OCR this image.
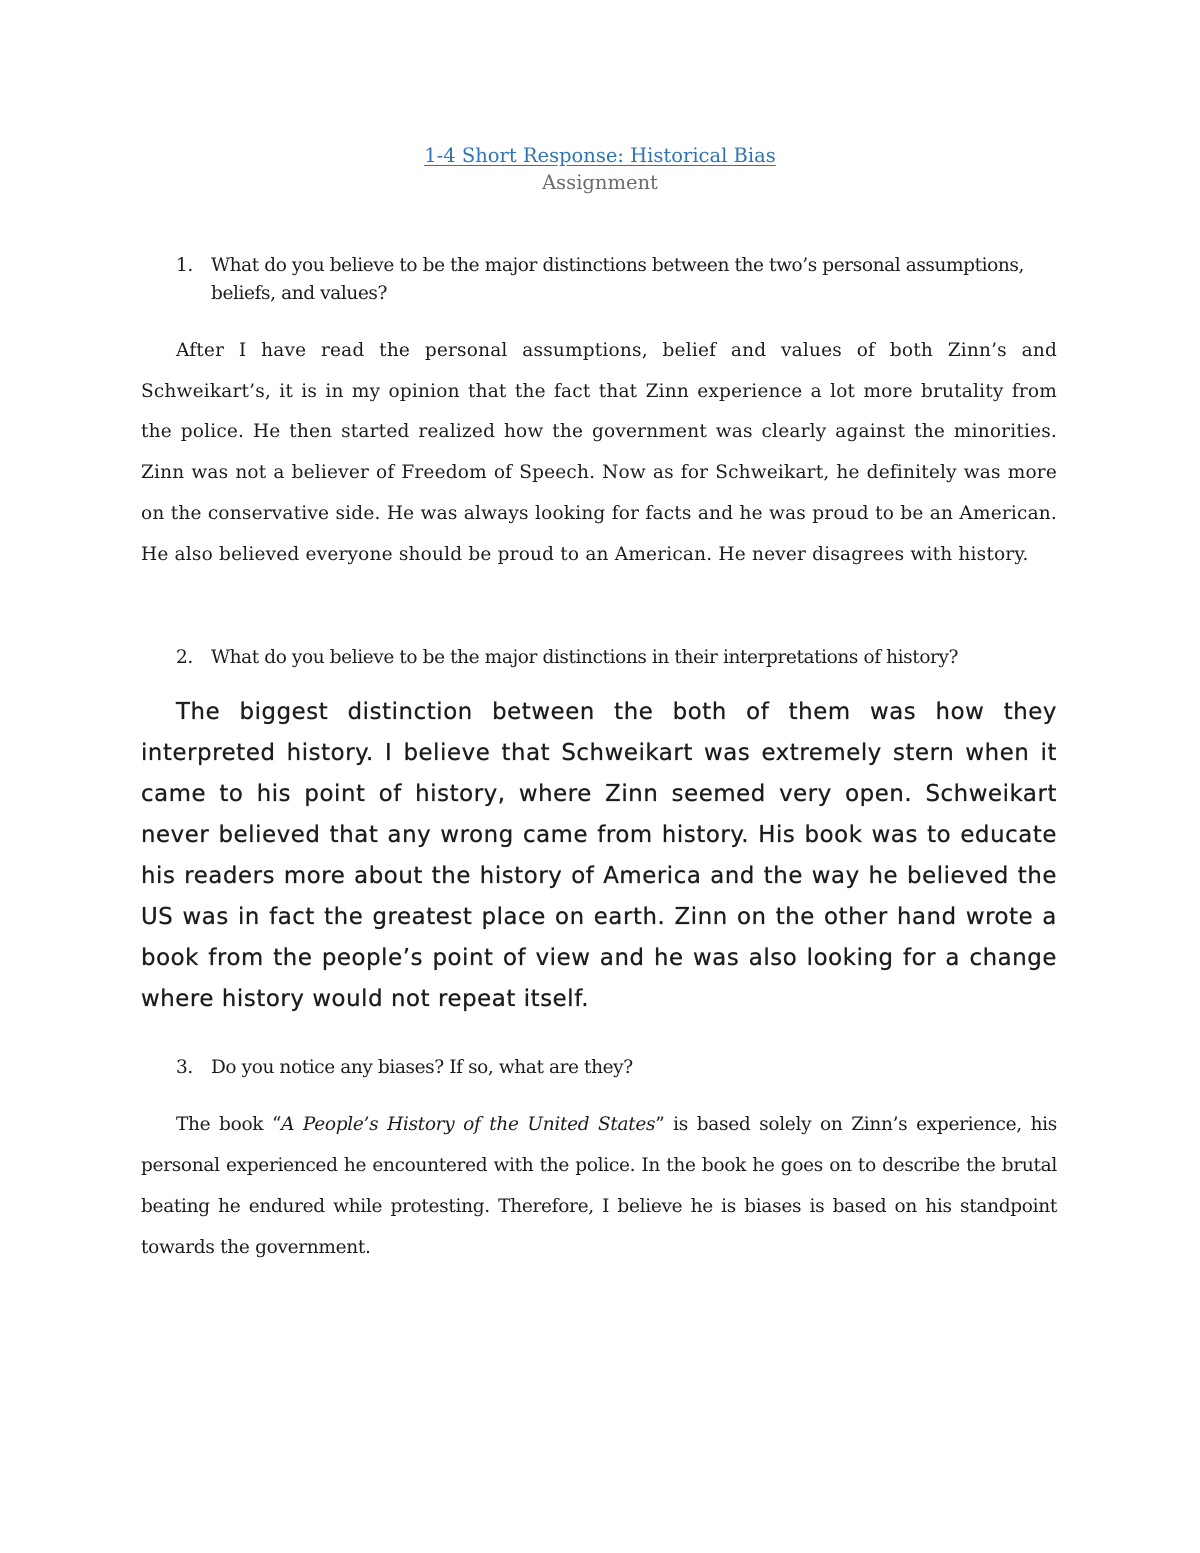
1-4 Short Response: Historical Bias
Assignment
1. What do you believe to be the major distinctions between the two’s personal assumptions, beliefs, and values?

After I have read the personal assumptions, belief and values of both Zinn’s and Schweikart’s, it is in my opinion that the fact that Zinn experience a lot more brutality from the police. He then started realized how the government was clearly against the minorities. Zinn was not a believer of Freedom of Speech. Now as for Schweikart, he definitely was more on the conservative side. He was always looking for facts and he was proud to be an American. He also believed everyone should be proud to an American. He never disagrees with history.

2. What do you believe to be the major distinctions in their interpretations of history?

The biggest distinction between the both of them was how they interpreted history. I believe that Schweikart was extremely stern when it came to his point of history, where Zinn seemed very open. Schweikart never believed that any wrong came from history. His book was to educate his readers more about the history of America and the way he believed the US was in fact the greatest place on earth. Zinn on the other hand wrote a book from the people’s point of view and he was also looking for a change where history would not repeat itself.

3. Do you notice any biases? If so, what are they?

The book “A People’s History of the United States” is based solely on Zinn’s experience, his personal experienced he encountered with the police. In the book he goes on to describe the brutal beating he endured while protesting. Therefore, I believe he is biases is based on his standpoint towards the government.
